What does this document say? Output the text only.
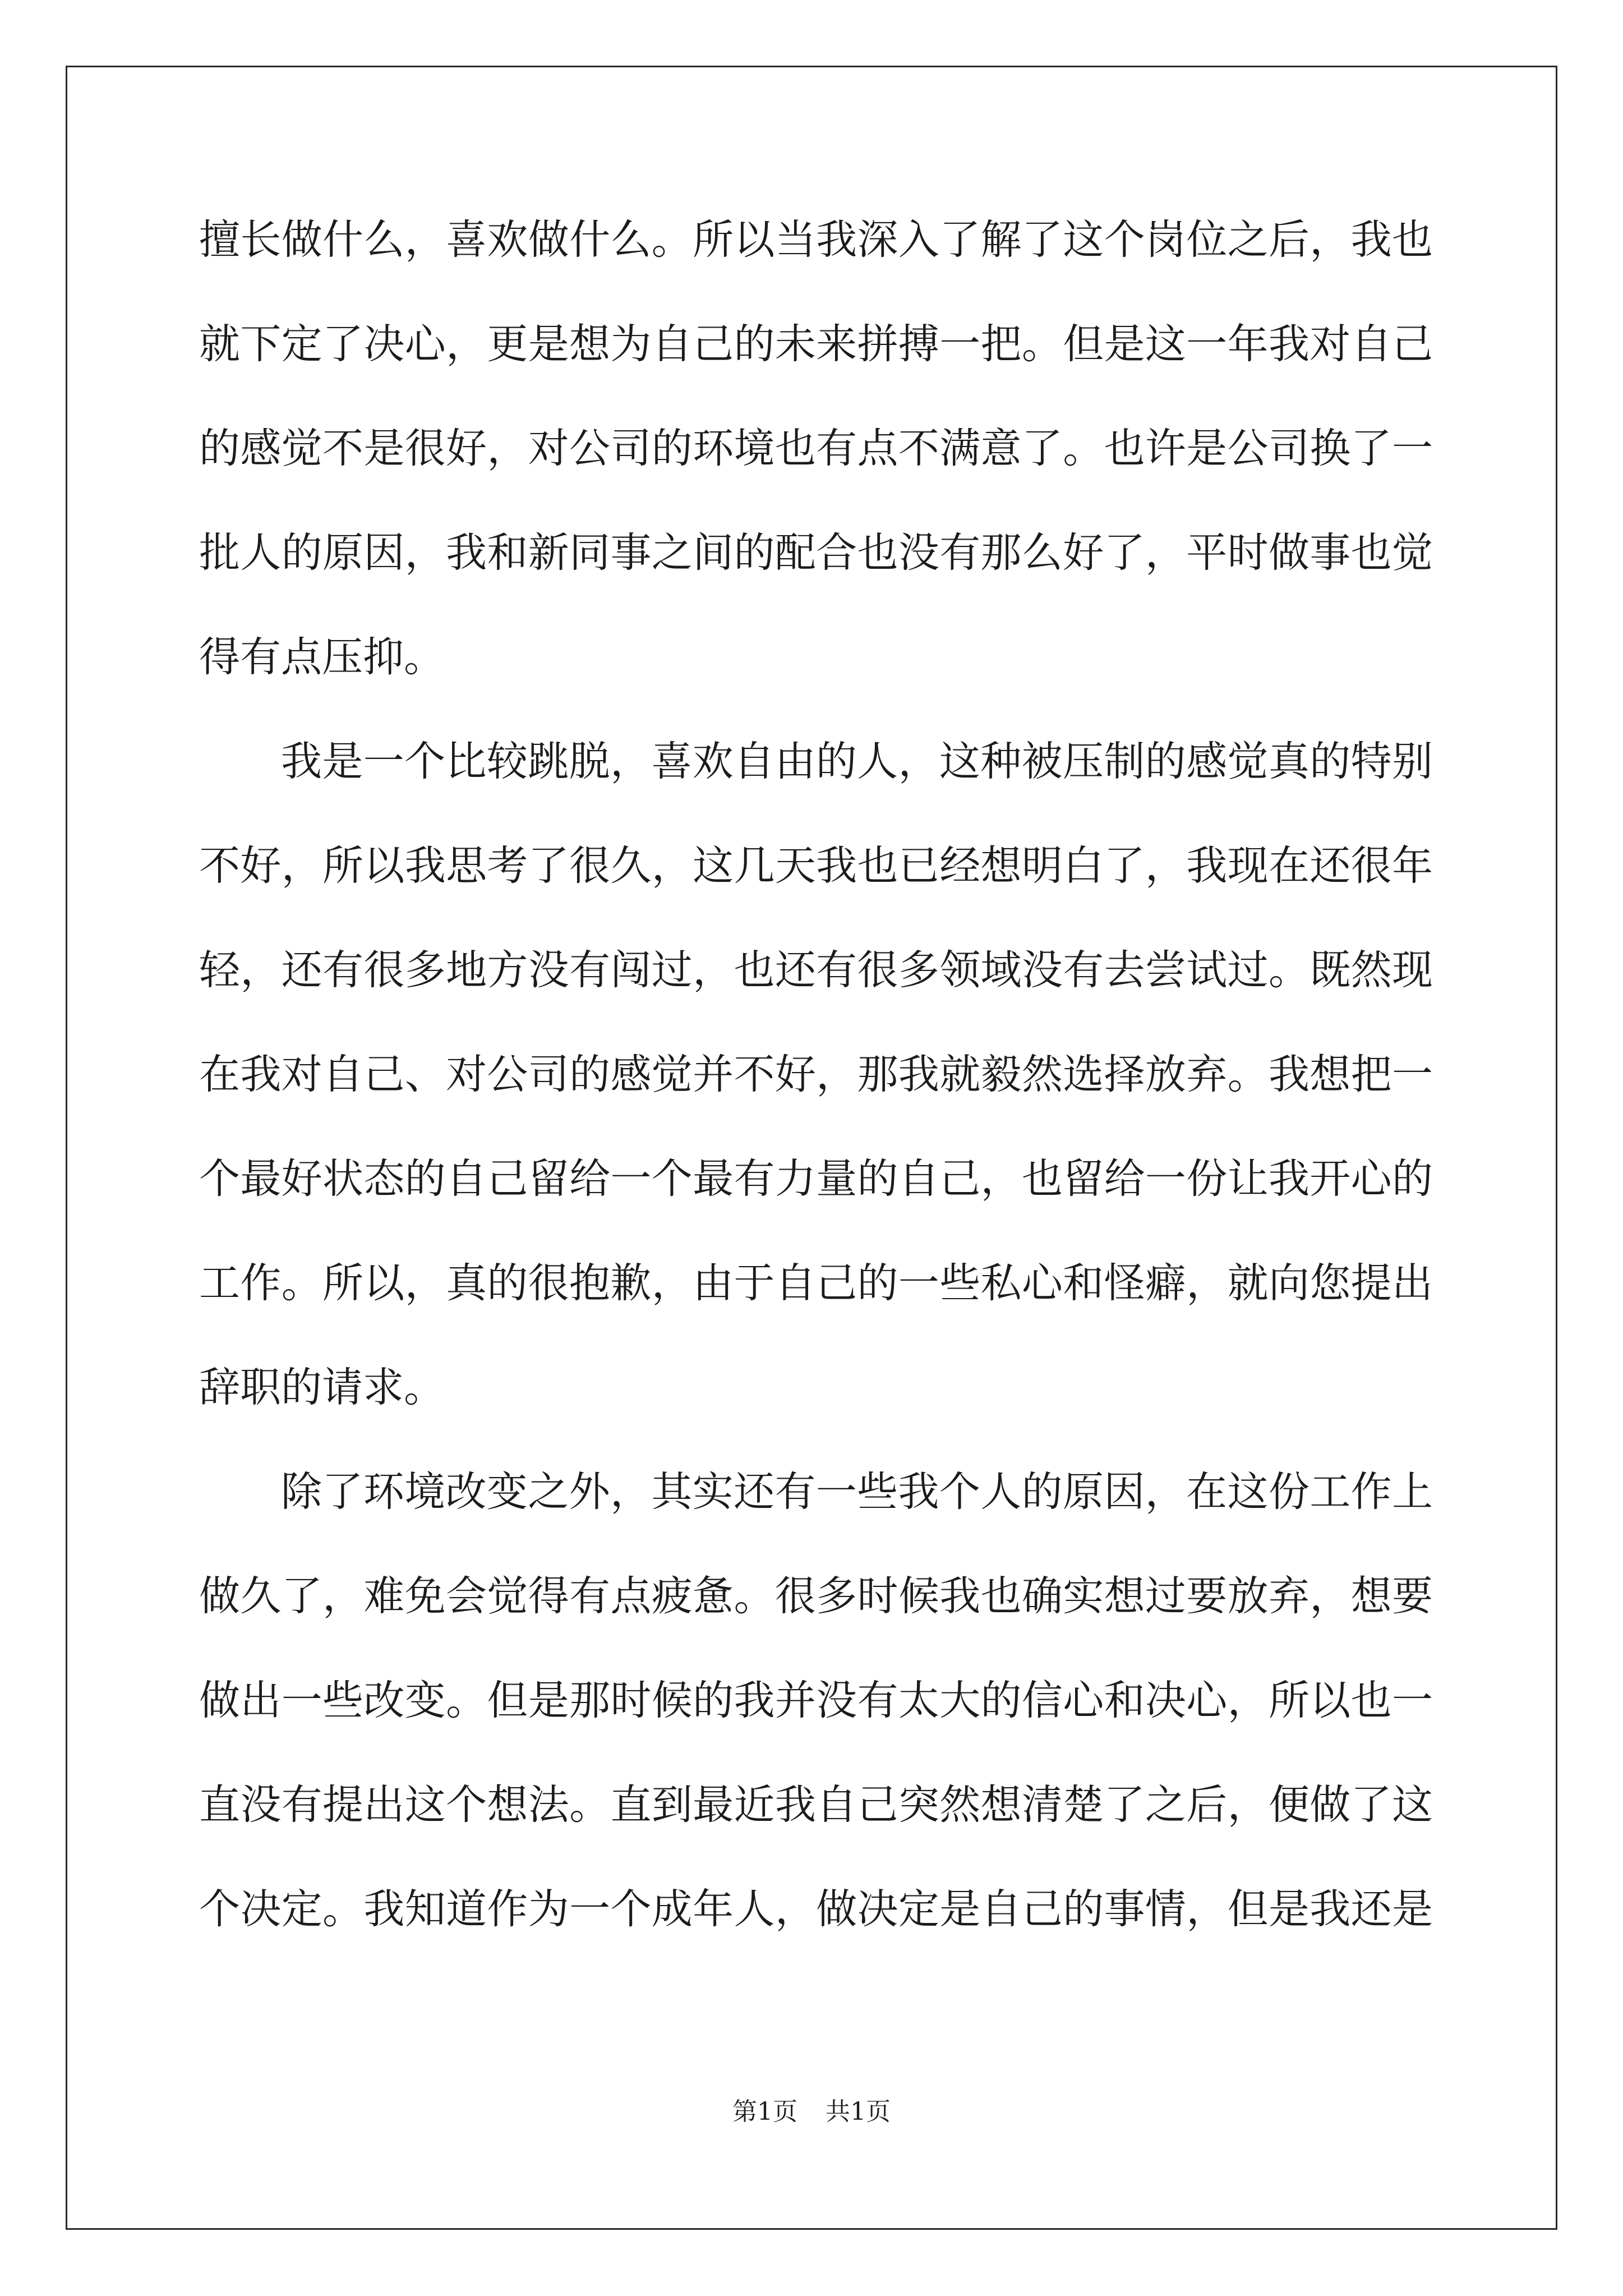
擅长做什么，喜欢做什么。所以当我深入了解了这个岗位之后，我也
就下定了决心，更是想为自己的未来拼搏一把。但是这一年我对自己
的感觉不是很好，对公司的环境也有点不满意了。也许是公司换了一
批人的原因，我和新同事之间的配合也没有那么好了，平时做事也觉
得有点压抑。
我是一个比较跳脱，喜欢自由的人，这种被压制的感觉真的特别
不好，所以我思考了很久，这几天我也已经想明白了，我现在还很年
轻，还有很多地方没有闯过，也还有很多领域没有去尝试过。既然现
在我对自己、对公司的感觉并不好，那我就毅然选择放弃。我想把一
个最好状态的自己留给一个最有力量的自己，也留给一份让我开心的
工作。所以，真的很抱歉，由于自己的一些私心和怪癖，就向您提出
辞职的请求。
除了环境改变之外，其实还有一些我个人的原因，在这份工作上
做久了，难免会觉得有点疲惫。很多时候我也确实想过要放弃，想要
做出一些改变。但是那时候的我并没有太大的信心和决心，所以也一
直没有提出这个想法。直到最近我自己突然想清楚了之后，便做了这
个决定。我知道作为一个成年人，做决定是自己的事情，但是我还是
第1页 共1页
